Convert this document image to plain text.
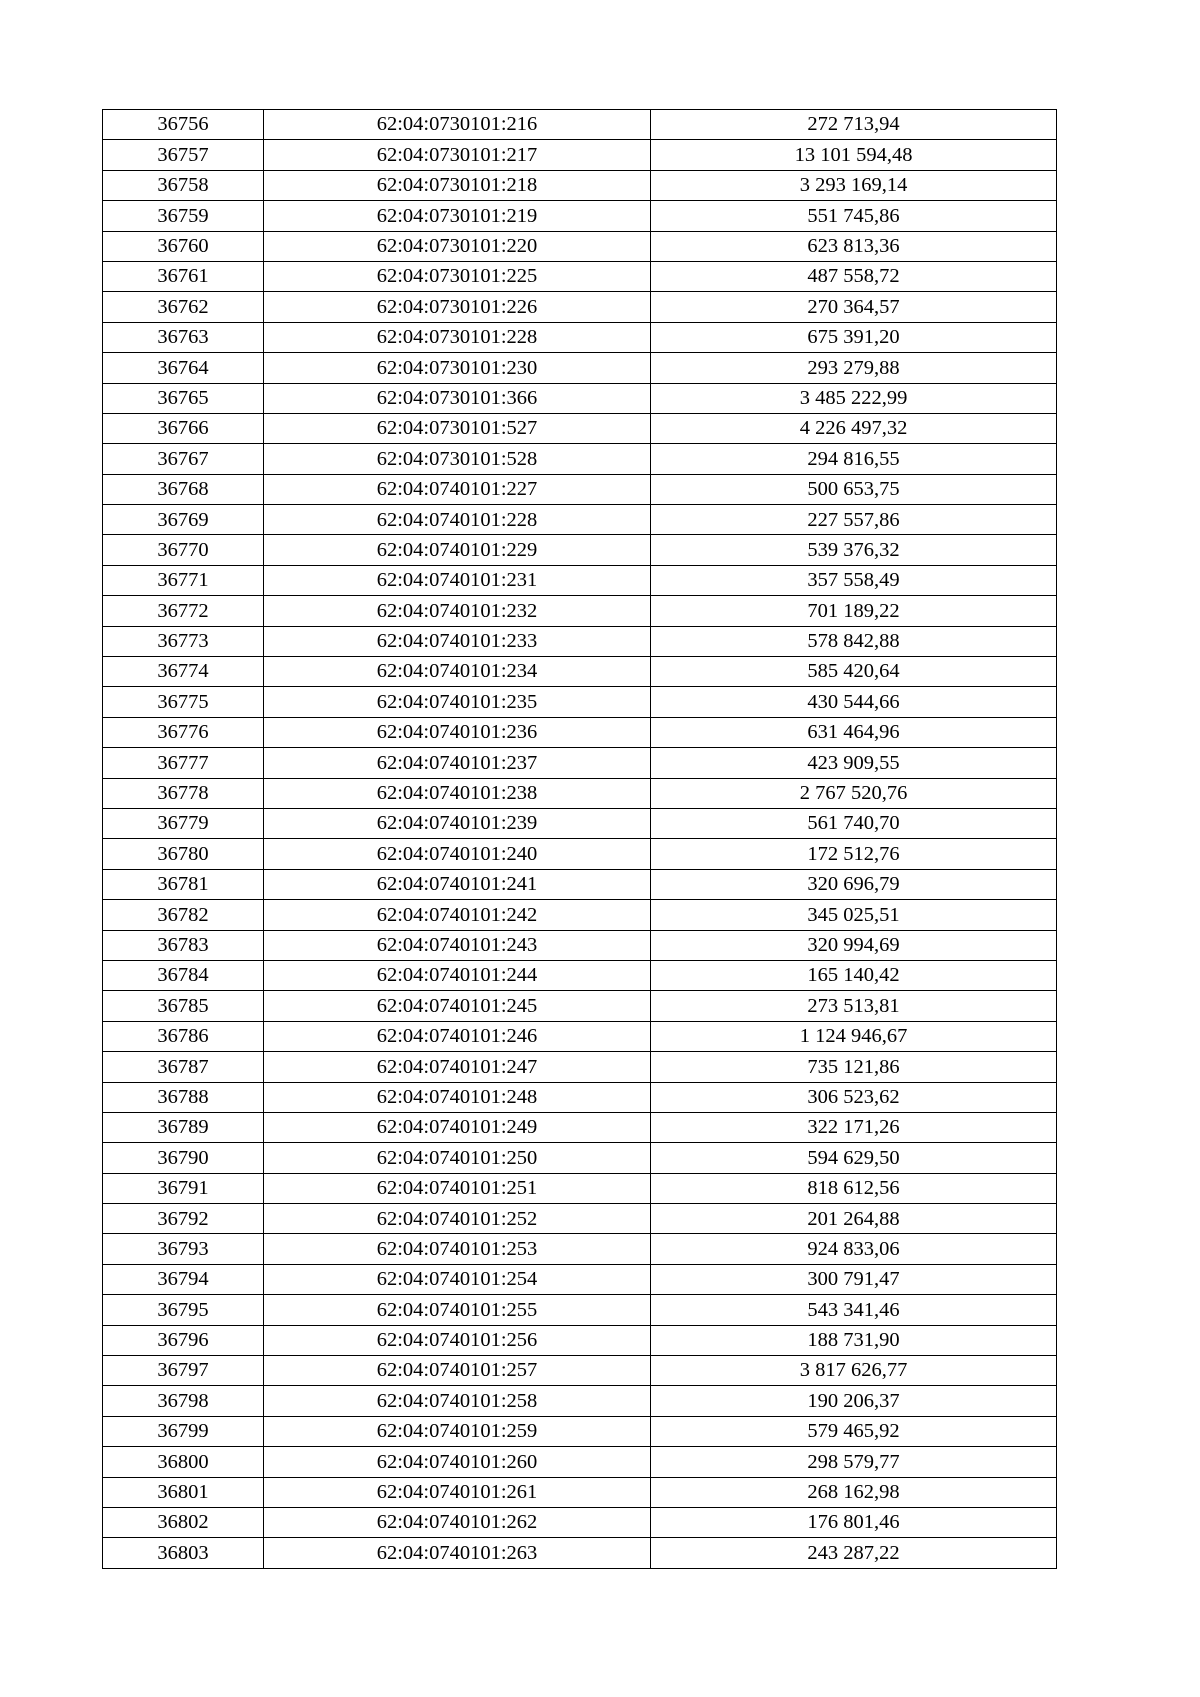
36756	62:04:0730101:216	272 713,94
36757	62:04:0730101:217	13 101 594,48
36758	62:04:0730101:218	3 293 169,14
36759	62:04:0730101:219	551 745,86
36760	62:04:0730101:220	623 813,36
36761	62:04:0730101:225	487 558,72
36762	62:04:0730101:226	270 364,57
36763	62:04:0730101:228	675 391,20
36764	62:04:0730101:230	293 279,88
36765	62:04:0730101:366	3 485 222,99
36766	62:04:0730101:527	4 226 497,32
36767	62:04:0730101:528	294 816,55
36768	62:04:0740101:227	500 653,75
36769	62:04:0740101:228	227 557,86
36770	62:04:0740101:229	539 376,32
36771	62:04:0740101:231	357 558,49
36772	62:04:0740101:232	701 189,22
36773	62:04:0740101:233	578 842,88
36774	62:04:0740101:234	585 420,64
36775	62:04:0740101:235	430 544,66
36776	62:04:0740101:236	631 464,96
36777	62:04:0740101:237	423 909,55
36778	62:04:0740101:238	2 767 520,76
36779	62:04:0740101:239	561 740,70
36780	62:04:0740101:240	172 512,76
36781	62:04:0740101:241	320 696,79
36782	62:04:0740101:242	345 025,51
36783	62:04:0740101:243	320 994,69
36784	62:04:0740101:244	165 140,42
36785	62:04:0740101:245	273 513,81
36786	62:04:0740101:246	1 124 946,67
36787	62:04:0740101:247	735 121,86
36788	62:04:0740101:248	306 523,62
36789	62:04:0740101:249	322 171,26
36790	62:04:0740101:250	594 629,50
36791	62:04:0740101:251	818 612,56
36792	62:04:0740101:252	201 264,88
36793	62:04:0740101:253	924 833,06
36794	62:04:0740101:254	300 791,47
36795	62:04:0740101:255	543 341,46
36796	62:04:0740101:256	188 731,90
36797	62:04:0740101:257	3 817 626,77
36798	62:04:0740101:258	190 206,37
36799	62:04:0740101:259	579 465,92
36800	62:04:0740101:260	298 579,77
36801	62:04:0740101:261	268 162,98
36802	62:04:0740101:262	176 801,46
36803	62:04:0740101:263	243 287,22
